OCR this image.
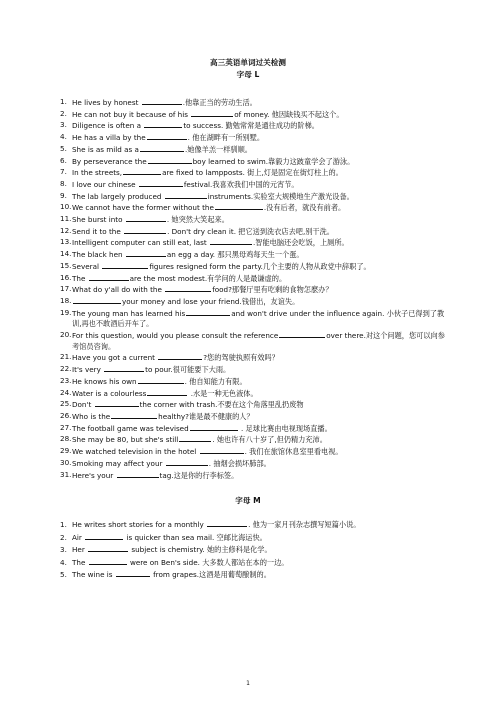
高三英语单词过关检测
字母 L
1. He lives by honest	.他靠正当的劳动生活。
2. He can not buy it because of his	of money. 他因缺钱买不起这个。
3. Diligence is often a	to success. 勤勉常常是通往成功的阶梯。
4. He has a villa by the	. 他在湖畔有一所别墅。
5. She is as mild as a	.她像羊羔一样驯顺。
6. By perseverance the	boy learned to swim.靠毅力这跛童学会了游泳。
7. In the streets,	are fixed to lampposts. 街上,灯是固定在街灯柱上的。
8. I love our chinese	festival.我喜欢我们中国的元宵节。
9. The lab largely produced	instruments.实验室大规模地生产激光设备。
10. We cannot have the former without the	.没有后者，就没有前者。
11. She burst into	. 她突然大笑起来。
12. Send it to the	. Don't dry clean it. 把它送到洗衣店去吧,别干洗。
13. Intelligent computer can still eat, last	.智能电脑还会吃饭，上厕所。
14. The black hen	an egg a day. 那只黑母鸡每天生一个蛋。
15. Several	figures resigned form the party.几个主要的人物从政党中辞职了。
16. The	are the most modest.有学问的人是最谦虚的。
17. What do y'all do with the	food?那餐厅里有吃剩的食物怎麽办？
18.	your money and lose your friend.钱借出，友谊失。
19. The young man has learned his	and won't drive under the influence again. 小伙子已得到了教训,再也不敢酒后开车了。
20. For this question, would you please consult the reference	over there.对这个问题，您可以向参考馆员咨询。
21. Have you got a current	?您的驾驶执照有效吗？
22. It's very	to pour.很可能要下大雨。
23. He knows his own	. 他自知能力有限。
24. Water is a colourless	.水是一种无色液体。
25. Don't	the corner with trash.不要在这个角落里乱扔废物
26. Who is the	healthy?谁是最不健康的人？
27. The football game was televised	. 足球比赛由电视现场直播。
28. She may be 80, but she's still	. 她也许有八十岁了,但仍精力充沛。
29. We watched television in the hotel	. 我们在旅馆休息室里看电视。
30. Smoking may affect your	. 抽烟会损坏肺部。
31. Here's your	tag.这是你的行李标签。
字母 M
1. He writes short stories for a monthly	. 他为一家月刊杂志撰写短篇小说。
2. Air	is quicker than sea mail. 空邮比海运快。
3. Her	subject is chemistry. 她的主修科是化学。
4. The	were on Ben's side. 大多数人都站在本的一边。
5. The wine is	from grapes.这酒是用葡萄酿制的。
1
